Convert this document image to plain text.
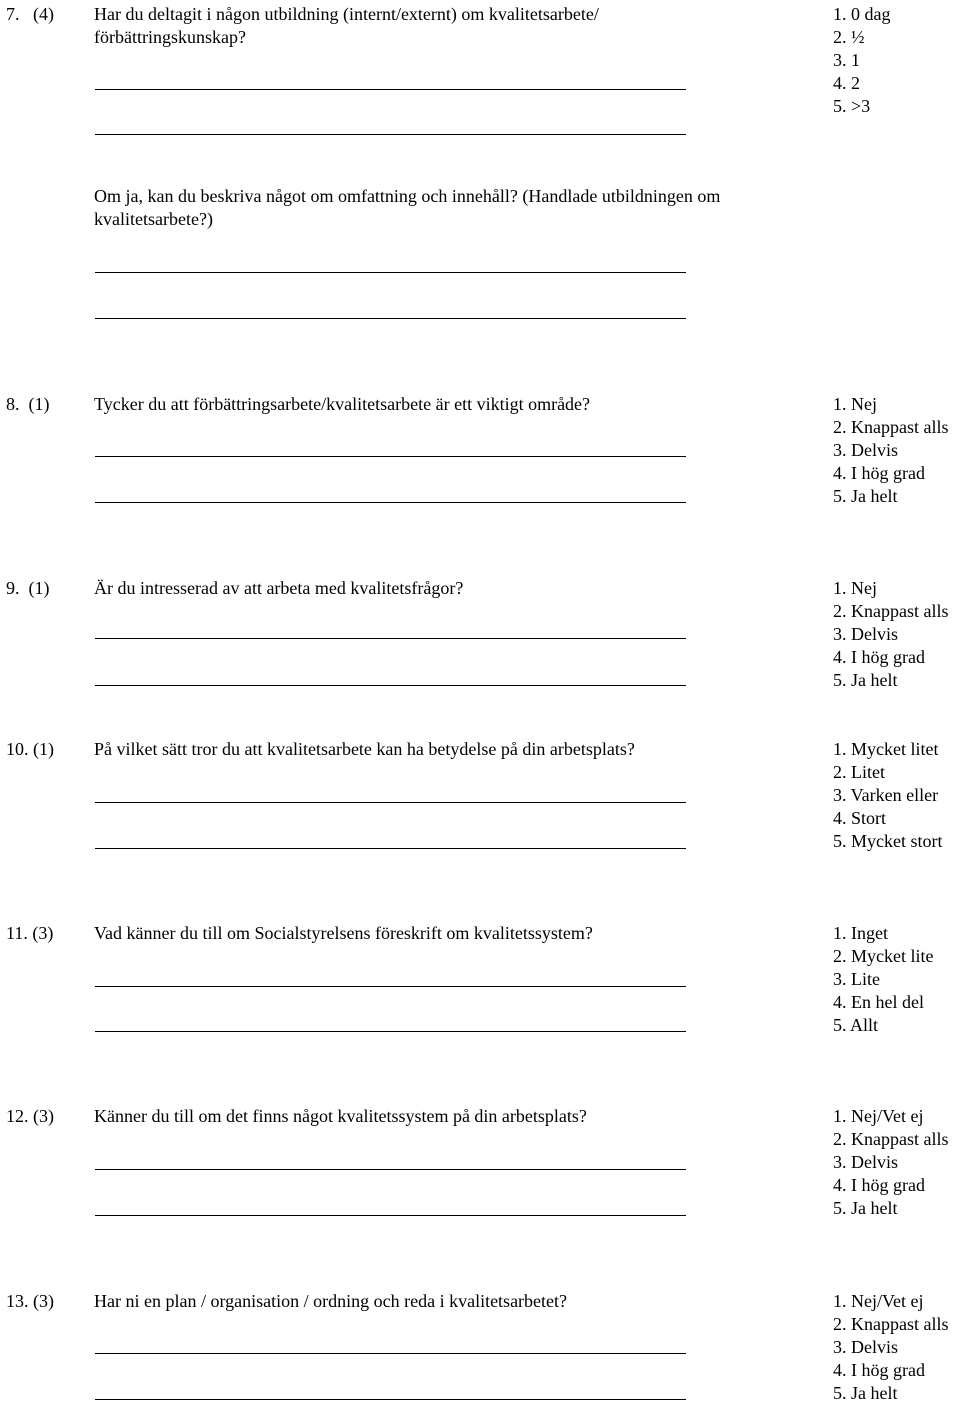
7. (4) Har du deltagit i någon utbildning (internt/externt) om kvalitetsarbete/
förbättringskunskap?
1. 0 dag
2. ½
3. 1
4. 2
5. >3
Om ja, kan du beskriva något om omfattning och innehåll? (Handlade utbildningen om
kvalitetsarbete?)
8. (1) Tycker du att förbättringsarbete/kvalitetsarbete är ett viktigt område?	1. Nej
2. Knappast alls
3. Delvis
4. I hög grad
5. Ja helt
9. (1) Är du intresserad av att arbeta med kvalitetsfrågor?	1. Nej
2. Knappast alls
3. Delvis
4. I hög grad
5. Ja helt
10. (1) På vilket sätt tror du att kvalitetsarbete kan ha betydelse på din arbetsplats?	1. Mycket litet
2. Litet
3. Varken eller
4. Stort
5. Mycket stort
11. (3) Vad känner du till om Socialstyrelsens föreskrift om kvalitetssystem?	1. Inget
2. Mycket lite
3. Lite
4. En hel del
5. Allt
12. (3) Känner du till om det finns något kvalitetssystem på din arbetsplats?	1. Nej/Vet ej
2. Knappast alls
3. Delvis
4. I hög grad
5. Ja helt
13. (3) Har ni en plan / organisation / ordning och reda i kvalitetsarbetet?	1. Nej/Vet ej
2. Knappast alls
3. Delvis
4. I hög grad
5. Ja helt
